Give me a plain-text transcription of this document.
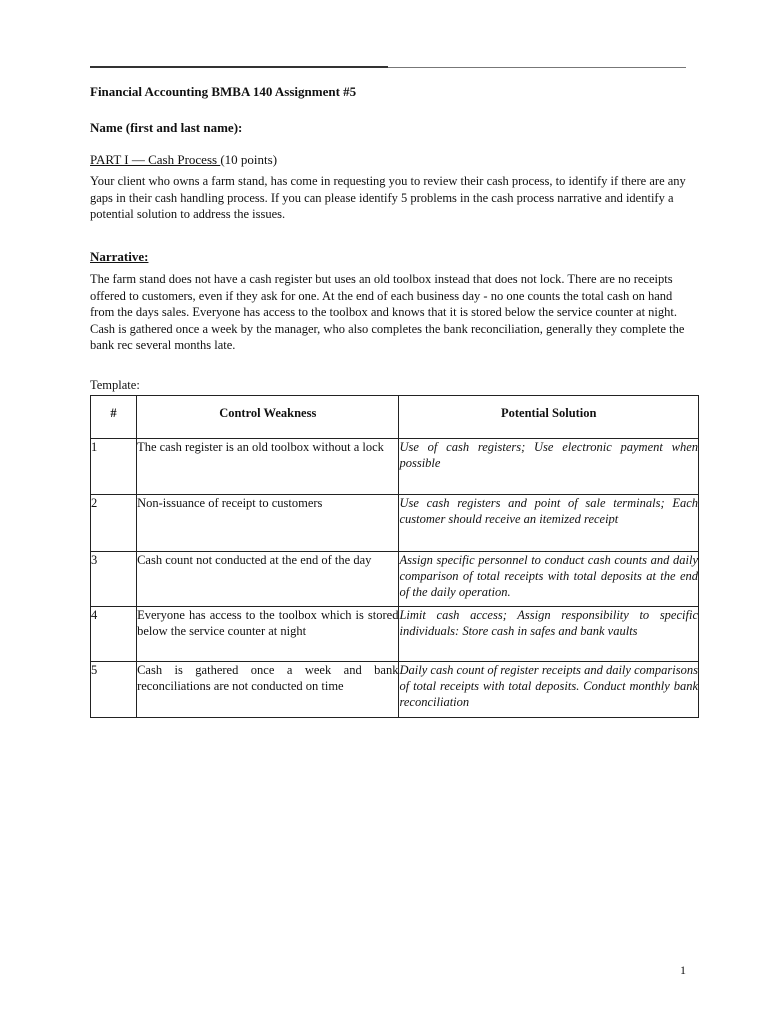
Financial Accounting BMBA 140 Assignment #5
Name (first and last name):
PART I — Cash Process (10 points)

Your client who owns a farm stand, has come in requesting you to review their cash process, to identify if there are any gaps in their cash handling process. If you can please identify 5 problems in the cash process narrative and identify a potential solution to address the issues.

Narrative:

The farm stand does not have a cash register but uses an old toolbox instead that does not lock. There are no receipts offered to customers, even if they ask for one. At the end of each business day - no one counts the total cash on hand from the days sales. Everyone has access to the toolbox and knows that it is stored below the service counter at night. Cash is gathered once a week by the manager, who also completes the bank reconciliation, generally they complete the bank rec several months late.

Template:
#	Control Weakness	Potential Solution
1	The cash register is an old toolbox without a lock	Use of cash registers; Use electronic payment when possible
2	Non-issuance of receipt to customers	Use cash registers and point of sale terminals; Each customer should receive an itemized receipt
3	Cash count not conducted at the end of the day	Assign specific personnel to conduct cash counts and daily comparison of total receipts with total deposits at the end of the daily operation.
4	Everyone has access to the toolbox which is stored below the service counter at night	Limit cash access; Assign responsibility to specific individuals: Store cash in safes and bank vaults
5	Cash is gathered once a week and bank reconciliations are not conducted on time	Daily cash count of register receipts and daily comparisons of total receipts with total deposits. Conduct monthly bank reconciliation
1
